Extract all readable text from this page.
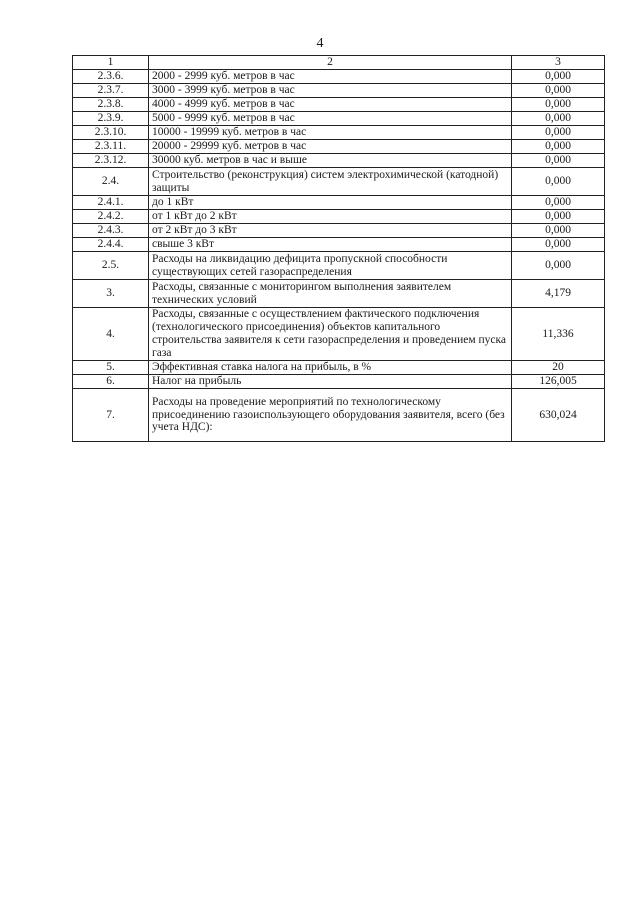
4
1	2	3
2.3.6.	2000 - 2999 куб. метров в час	0,000
2.3.7.	3000 - 3999 куб. метров в час	0,000
2.3.8.	4000 - 4999 куб. метров в час	0,000
2.3.9.	5000 - 9999 куб. метров в час	0,000
2.3.10.	10000 - 19999 куб. метров в час	0,000
2.3.11.	20000 - 29999 куб. метров в час	0,000
2.3.12.	30000 куб. метров в час и выше	0,000
2.4.	Строительство (реконструкция) систем электрохимической (катодной) защиты	0,000
2.4.1.	до 1 кВт	0,000
2.4.2.	от 1 кВт до 2 кВт	0,000
2.4.3.	от 2 кВт до 3 кВт	0,000
2.4.4.	свыше 3 кВт	0,000
2.5.	Расходы на ликвидацию дефицита пропускной способности существующих сетей газораспределения	0,000
3.	Расходы, связанные с мониторингом выполнения заявителем технических условий	4,179
4.	Расходы, связанные с осуществлением фактического подключения (технологического присоединения) объектов капитального строительства заявителя к сети газораспределения и проведением пуска газа	11,336
5.	Эффективная ставка налога на прибыль, в %	20
6.	Налог на прибыль	126,005
7.	Расходы на проведение мероприятий по технологическому присоединению газоиспользующего оборудования заявителя, всего (без учета НДС):	630,024
